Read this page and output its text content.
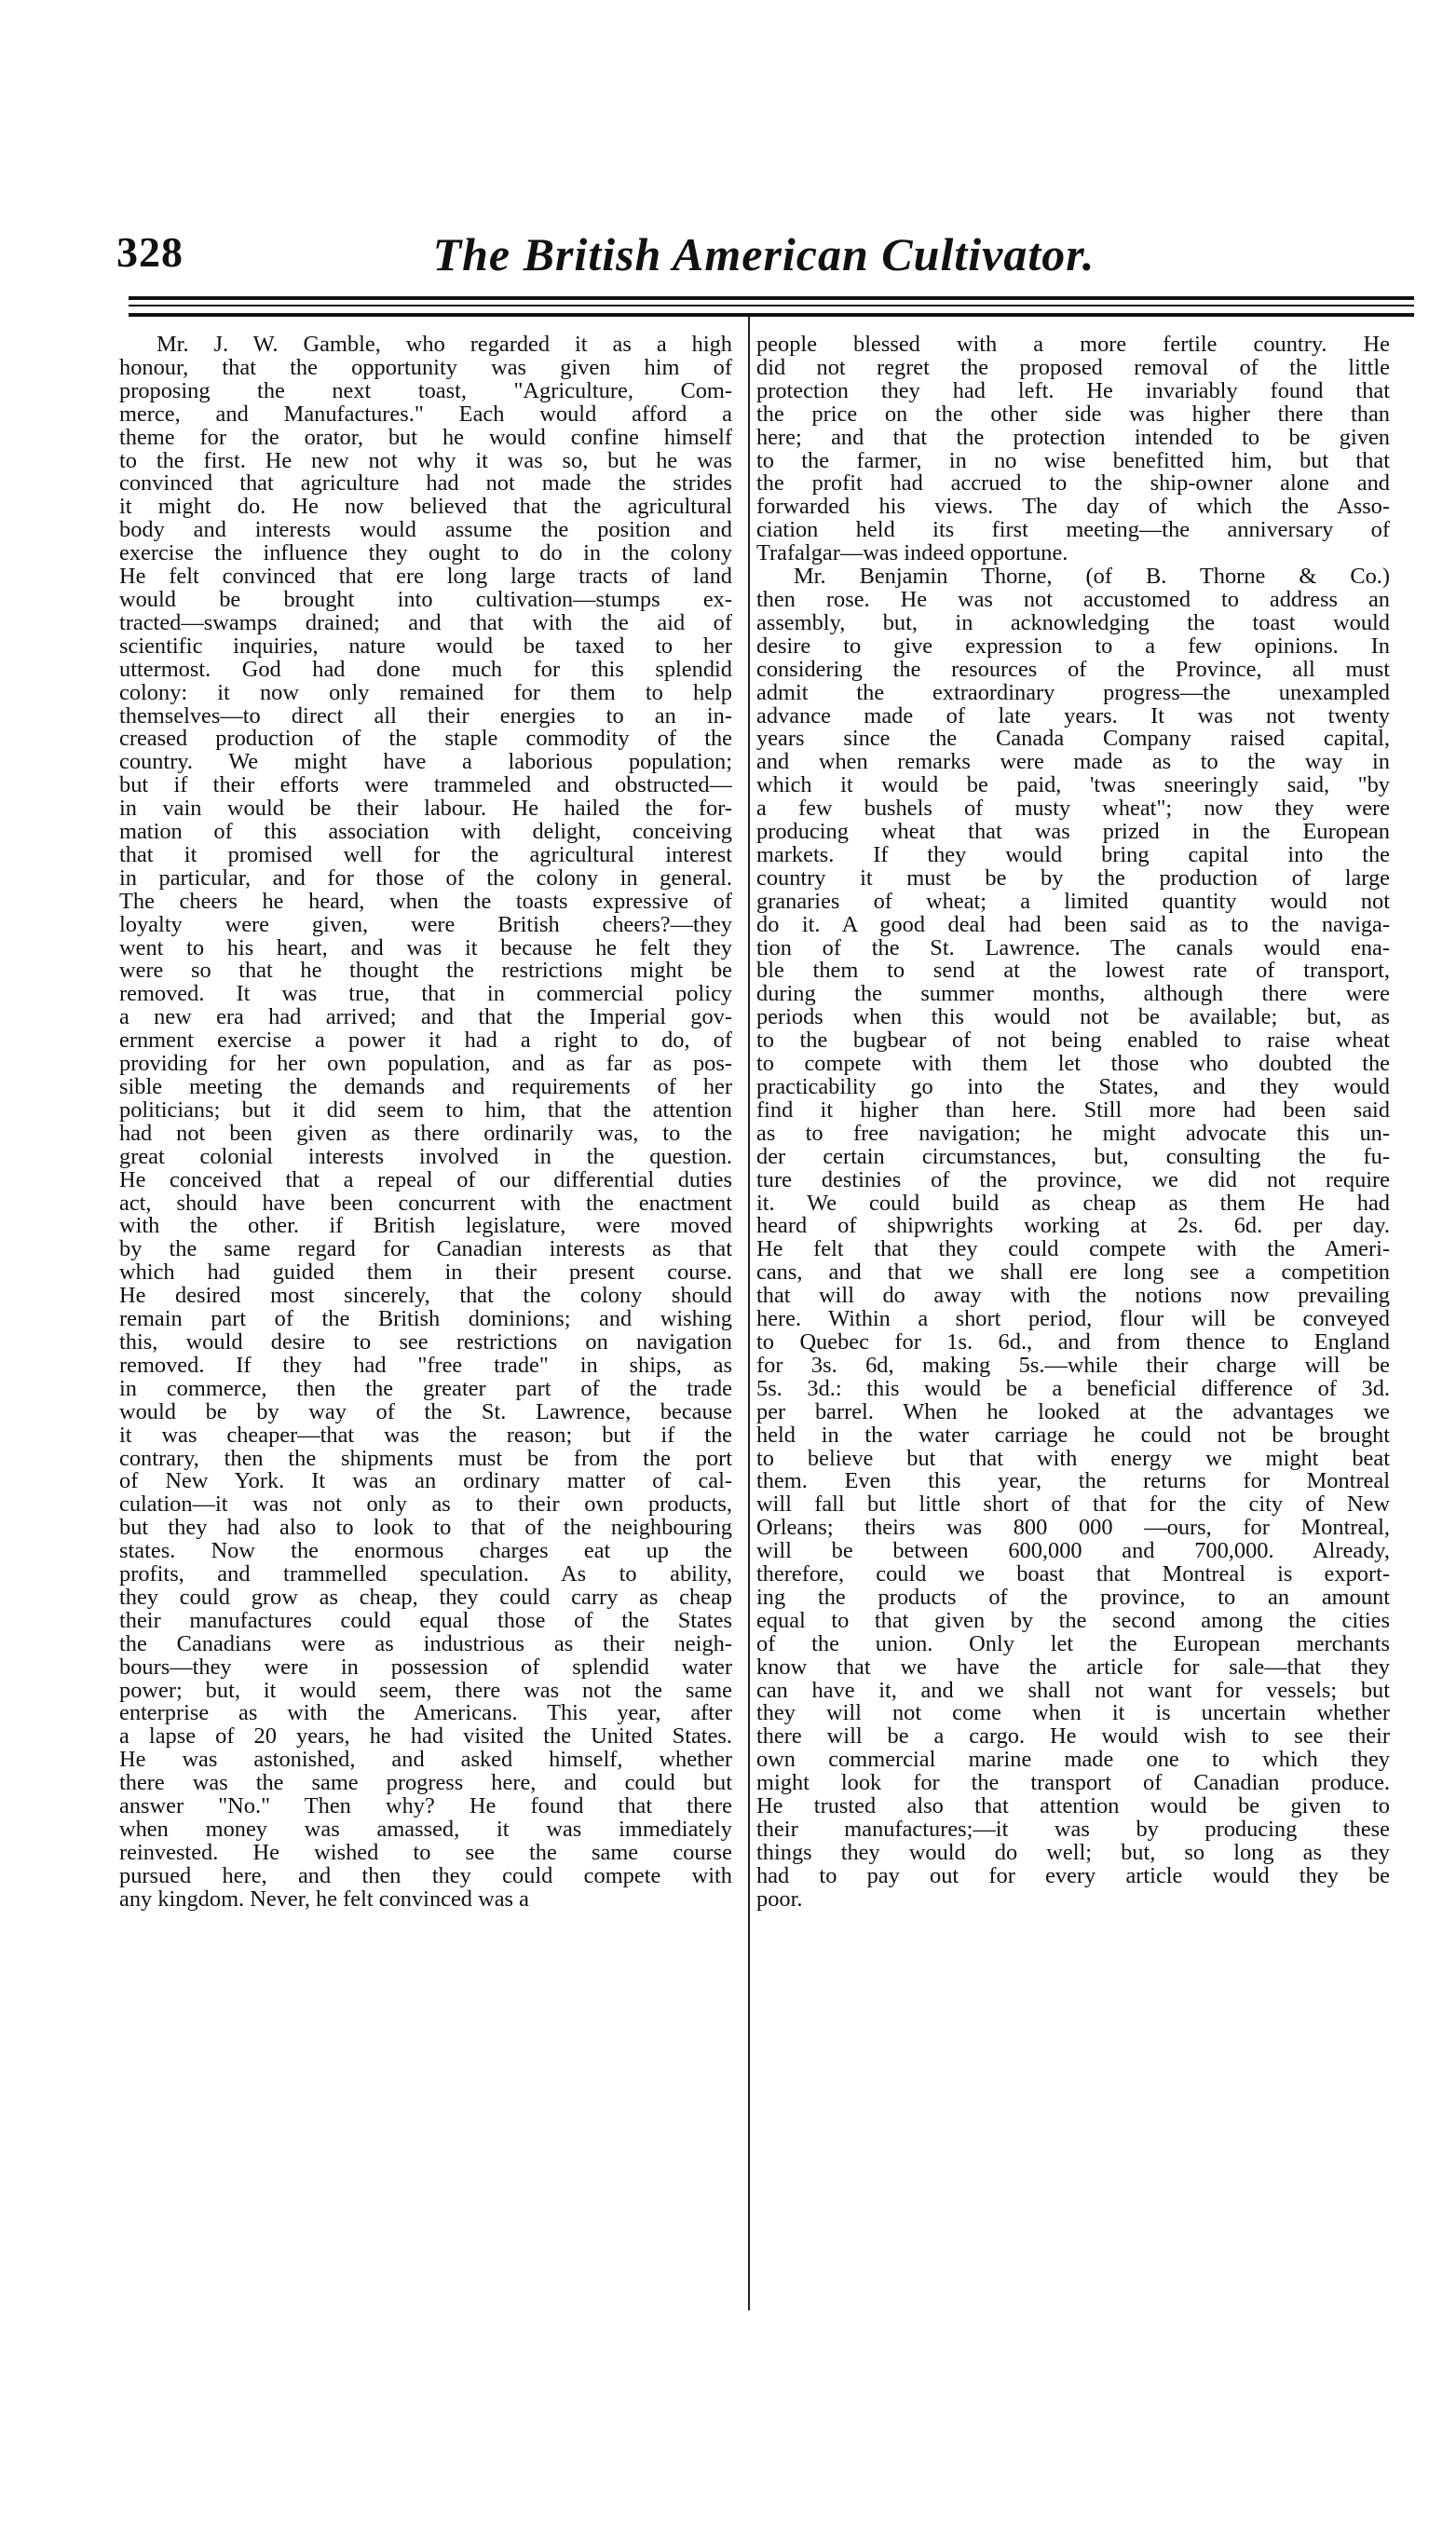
328	The British American Cultivator.
Mr. J. W. Gamble, who regarded it as a high
honour, that the opportunity was given him of
proposing the next toast, "Agriculture, Com-
merce, and Manufactures." Each would afford a
theme for the orator, but he would confine himself
to the first. He new not why it was so, but he was
convinced that agriculture had not made the strides
it might do. He now believed that the agricultural
body and interests would assume the position and
exercise the influence they ought to do in the colony
He felt convinced that ere long large tracts of land
would be brought into cultivation—stumps ex-
tracted—swamps drained; and that with the aid of
scientific inquiries, nature would be taxed to her
uttermost. God had done much for this splendid
colony: it now only remained for them to help
themselves—to direct all their energies to an in-
creased production of the staple commodity of the
country. We might have a laborious population;
but if their efforts were trammeled and obstructed—
in vain would be their labour. He hailed the for-
mation of this association with delight, conceiving
that it promised well for the agricultural interest
in particular, and for those of the colony in general.
The cheers he heard, when the toasts expressive of
loyalty were given, were British cheers?—they
went to his heart, and was it because he felt they
were so that he thought the restrictions might be
removed. It was true, that in commercial policy
a new era had arrived; and that the Imperial gov-
ernment exercise a power it had a right to do, of
providing for her own population, and as far as pos-
sible meeting the demands and requirements of her
politicians; but it did seem to him, that the attention
had not been given as there ordinarily was, to the
great colonial interests involved in the question.
He conceived that a repeal of our differential duties
act, should have been concurrent with the enactment
with the other. if British legislature, were moved
by the same regard for Canadian interests as that
which had guided them in their present course.
He desired most sincerely, that the colony should
remain part of the British dominions; and wishing
this, would desire to see restrictions on navigation
removed. If they had "free trade" in ships, as
in commerce, then the greater part of the trade
would be by way of the St. Lawrence, because
it was cheaper—that was the reason; but if the
contrary, then the shipments must be from the port
of New York. It was an ordinary matter of cal-
culation—it was not only as to their own products,
but they had also to look to that of the neighbouring
states. Now the enormous charges eat up the
profits, and trammelled speculation. As to ability,
they could grow as cheap, they could carry as cheap
their manufactures could equal those of the States
the Canadians were as industrious as their neigh-
bours—they were in possession of splendid water
power; but, it would seem, there was not the same
enterprise as with the Americans. This year, after
a lapse of 20 years, he had visited the United States.
He was astonished, and asked himself, whether
there was the same progress here, and could but
answer "No." Then why? He found that there
when money was amassed, it was immediately
reinvested. He wished to see the same course
pursued here, and then they could compete with
any kingdom. Never, he felt convinced was a
people blessed with a more fertile country. He
did not regret the proposed removal of the little
protection they had left. He invariably found that
the price on the other side was higher there than
here; and that the protection intended to be given
to the farmer, in no wise benefitted him, but that
the profit had accrued to the ship-owner alone and
forwarded his views. The day of which the Asso-
ciation held its first meeting—the anniversary of
Trafalgar—was indeed opportune.
Mr. Benjamin Thorne, (of B. Thorne & Co.)
then rose. He was not accustomed to address an
assembly, but, in acknowledging the toast would
desire to give expression to a few opinions. In
considering the resources of the Province, all must
admit the extraordinary progress—the unexampled
advance made of late years. It was not twenty
years since the Canada Company raised capital,
and when remarks were made as to the way in
which it would be paid, 'twas sneeringly said, "by
a few bushels of musty wheat"; now they were
producing wheat that was prized in the European
markets. If they would bring capital into the
country it must be by the production of large
granaries of wheat; a limited quantity would not
do it. A good deal had been said as to the naviga-
tion of the St. Lawrence. The canals would ena-
ble them to send at the lowest rate of transport,
during the summer months, although there were
periods when this would not be available; but, as
to the bugbear of not being enabled to raise wheat
to compete with them let those who doubted the
practicability go into the States, and they would
find it higher than here. Still more had been said
as to free navigation; he might advocate this un-
der certain circumstances, but, consulting the fu-
ture destinies of the province, we did not require
it. We could build as cheap as them He had
heard of shipwrights working at 2s. 6d. per day.
He felt that they could compete with the Ameri-
cans, and that we shall ere long see a competition
that will do away with the notions now prevailing
here. Within a short period, flour will be conveyed
to Quebec for 1s. 6d., and from thence to England
for 3s. 6d, making 5s.—while their charge will be
5s. 3d.: this would be a beneficial difference of 3d.
per barrel. When he looked at the advantages we
held in the water carriage he could not be brought
to believe but that with energy we might beat
them. Even this year, the returns for Montreal
will fall but little short of that for the city of New
Orleans; theirs was 800 000 —ours, for Montreal,
will be between 600,000 and 700,000. Already,
therefore, could we boast that Montreal is export-
ing the products of the province, to an amount
equal to that given by the second among the cities
of the union. Only let the European merchants
know that we have the article for sale—that they
can have it, and we shall not want for vessels; but
they will not come when it is uncertain whether
there will be a cargo. He would wish to see their
own commercial marine made one to which they
might look for the transport of Canadian produce.
He trusted also that attention would be given to
their manufactures;—it was by producing these
things they would do well; but, so long as they
had to pay out for every article would they be
poor.
